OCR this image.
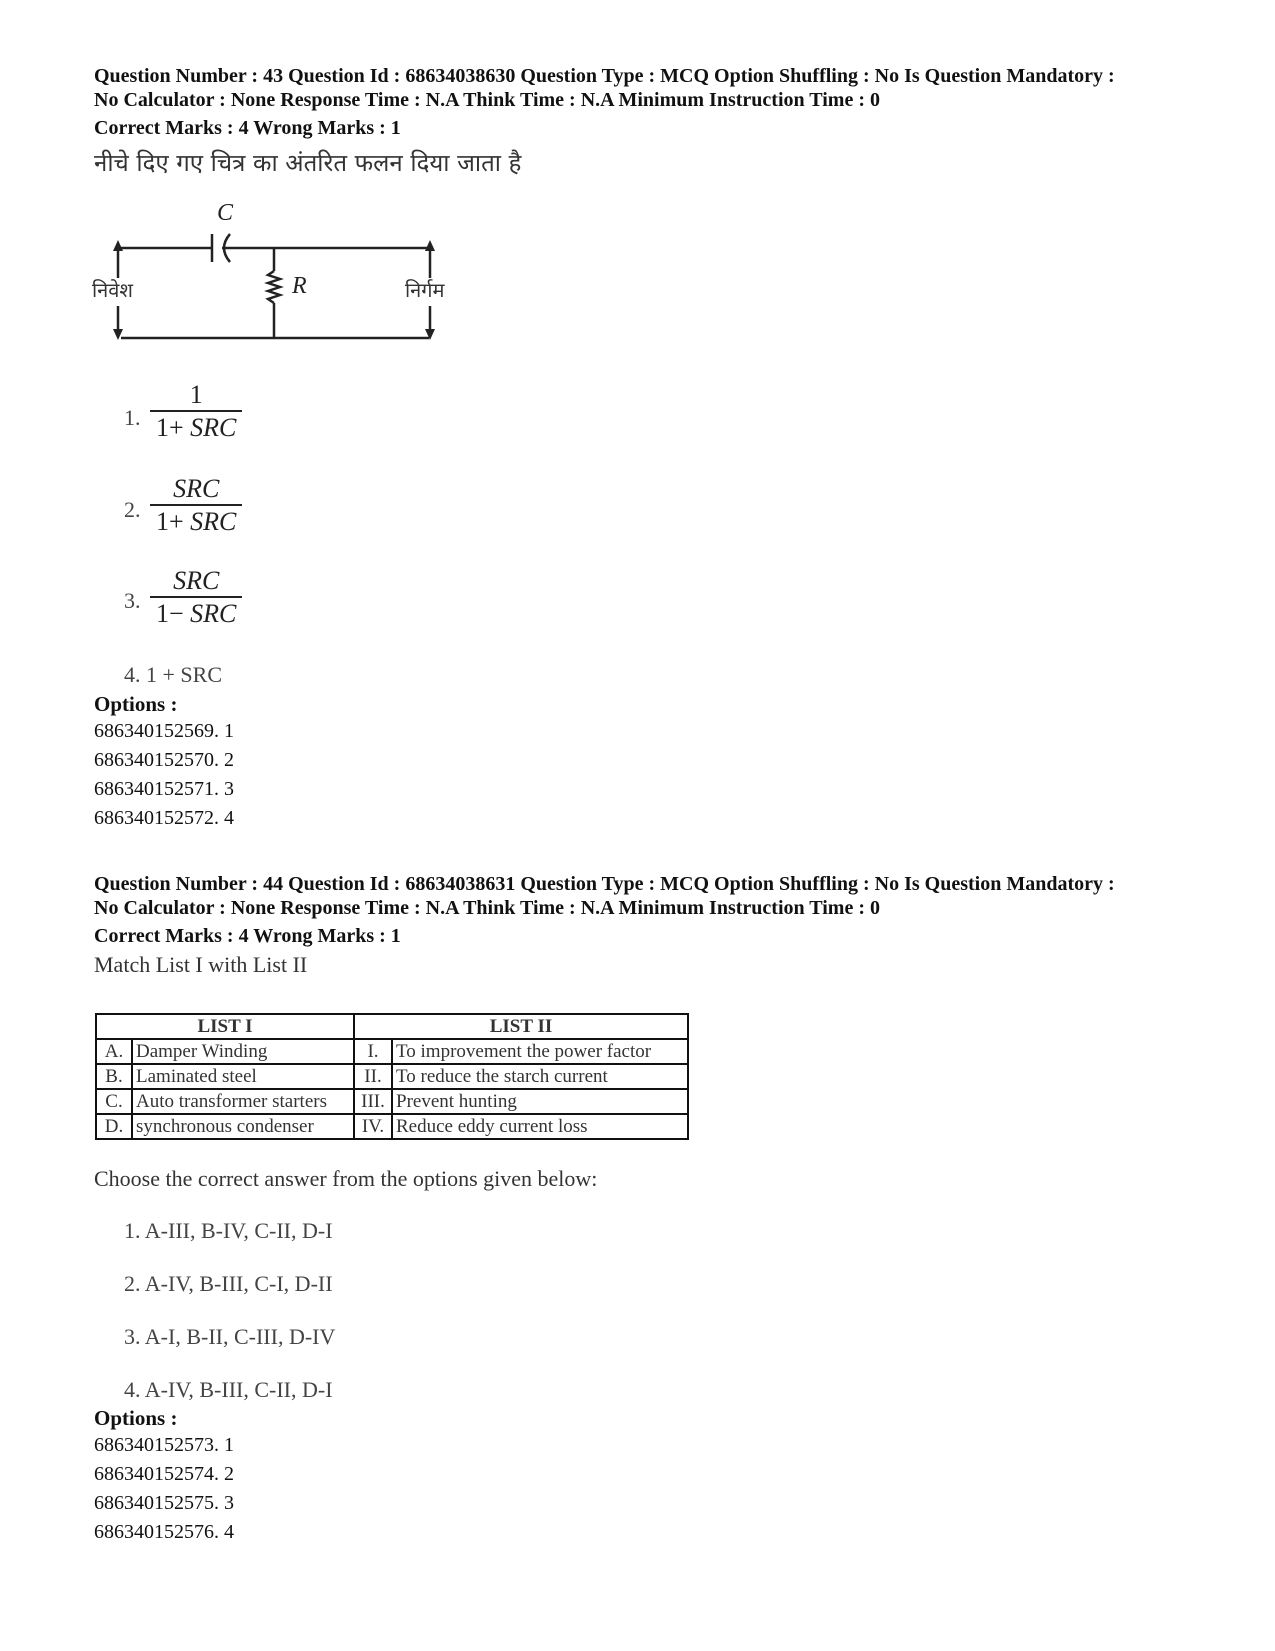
Question Number : 43 Question Id : 68634038630 Question Type : MCQ Option Shuffling : No Is Question Mandatory :
No Calculator : None Response Time : N.A Think Time : N.A Minimum Instruction Time : 0
Correct Marks : 4 Wrong Marks : 1
नीचे दिए गए चित्र का अंतरित फलन दिया जाता है
C
R
निवेश	निर्गम
1.
1
1+ SRC
2.
SRC
1+ SRC
3.
SRC
1− SRC
4. 1 + SRC
Options :
686340152569. 1
686340152570. 2
686340152571. 3
686340152572. 4
Question Number : 44 Question Id : 68634038631 Question Type : MCQ Option Shuffling : No Is Question Mandatory :
No Calculator : None Response Time : N.A Think Time : N.A Minimum Instruction Time : 0
Correct Marks : 4 Wrong Marks : 1
Match List I with List II
LIST I		LIST II	
A.	Damper Winding	I.	To improvement the power factor
B.	Laminated steel	II.	To reduce the starch current
C.	Auto transformer starters	III.	Prevent hunting
D.	synchronous condenser	IV.	Reduce eddy current loss
Choose the correct answer from the options given below:
1. A-III, B-IV, C-II, D-I
2. A-IV, B-III, C-I, D-II
3. A-I, B-II, C-III, D-IV
4. A-IV, B-III, C-II, D-I
Options :
686340152573. 1
686340152574. 2
686340152575. 3
686340152576. 4
